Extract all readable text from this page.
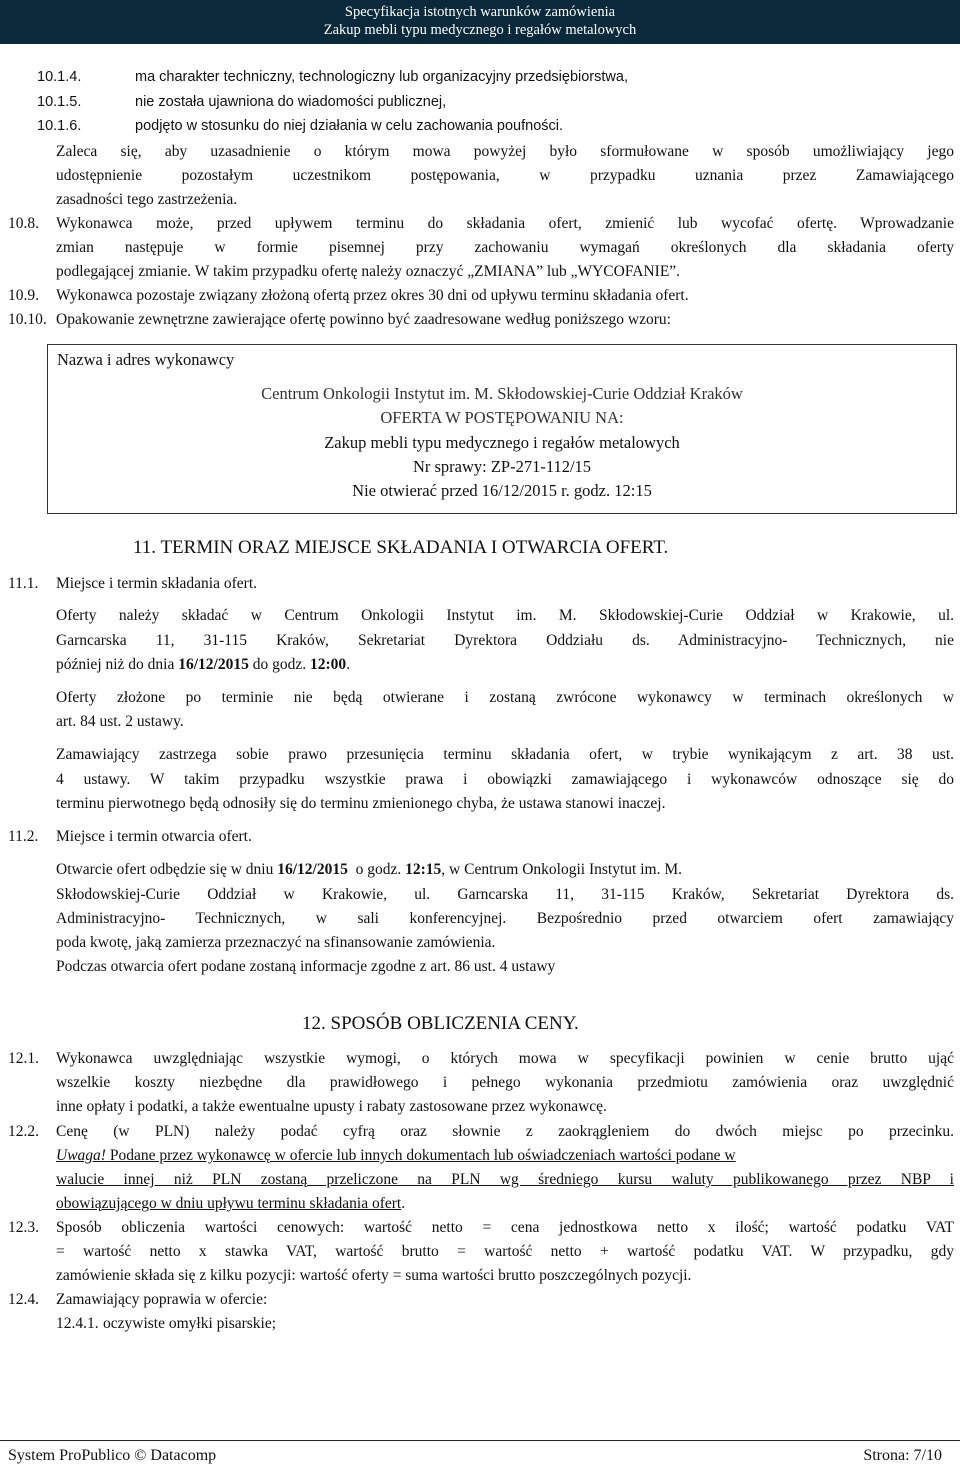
Specyfikacja istotnych warunków zamówienia
Zakup mebli typu medycznego i regałów metalowych
10.1.4.	ma charakter techniczny, technologiczny lub organizacyjny przedsiębiorstwa,
10.1.5.	nie została ujawniona do wiadomości publicznej,
10.1.6.	podjęto w stosunku do niej działania w celu zachowania poufności.
Zaleca się, aby uzasadnienie o którym mowa powyżej było sformułowane w sposób umożliwiający jego
udostępnienie pozostałym uczestnikom postępowania, w przypadku uznania przez Zamawiającego
zasadności tego zastrzeżenia.
10.8. Wykonawca może, przed upływem terminu do składania ofert, zmienić lub wycofać ofertę. Wprowadzanie
zmian następuje w formie pisemnej przy zachowaniu wymagań określonych dla składania oferty
podlegającej zmianie. W takim przypadku ofertę należy oznaczyć „ZMIANA” lub „WYCOFANIE”.
10.9. Wykonawca pozostaje związany złożoną ofertą przez okres 30 dni od upływu terminu składania ofert.
10.10. Opakowanie zewnętrzne zawierające ofertę powinno być zaadresowane według poniższego wzoru:
Nazwa i adres wykonawcy
Centrum Onkologii Instytut im. M. Skłodowskiej-Curie Oddział Kraków
OFERTA W POSTĘPOWANIU NA:
Zakup mebli typu medycznego i regałów metalowych
Nr sprawy: ZP-271-112/15
Nie otwierać przed 16/12/2015 r. godz. 12:15
11. TERMIN ORAZ MIEJSCE SKŁADANIA I OTWARCIA OFERT.
11.1. Miejsce i termin składania ofert.
Oferty należy składać w Centrum Onkologii Instytut im. M. Skłodowskiej-Curie Oddział w Krakowie, ul.
Garncarska 11, 31-115 Kraków, Sekretariat Dyrektora Oddziału ds. Administracyjno- Technicznych, nie
później niż do dnia 16/12/2015 do godz. 12:00.
Oferty złożone po terminie nie będą otwierane i zostaną zwrócone wykonawcy w terminach określonych w
art. 84 ust. 2 ustawy.
Zamawiający zastrzega sobie prawo przesunięcia terminu składania ofert, w trybie wynikającym z art. 38 ust.
4 ustawy. W takim przypadku wszystkie prawa i obowiązki zamawiającego i wykonawców odnoszące się do
terminu pierwotnego będą odnosiły się do terminu zmienionego chyba, że ustawa stanowi inaczej.
11.2. Miejsce i termin otwarcia ofert.
Otwarcie ofert odbędzie się w dniu 16/12/2015  o godz. 12:15, w Centrum Onkologii Instytut im. M.
Skłodowskiej-Curie Oddział w Krakowie, ul. Garncarska 11, 31-115 Kraków, Sekretariat Dyrektora ds.
Administracyjno- Technicznych, w sali konferencyjnej. Bezpośrednio przed otwarciem ofert zamawiający
poda kwotę, jaką zamierza przeznaczyć na sfinansowanie zamówienia.
Podczas otwarcia ofert podane zostaną informacje zgodne z art. 86 ust. 4 ustawy
12. SPOSÓB OBLICZENIA CENY.
12.1. Wykonawca uwzględniając wszystkie wymogi, o których mowa w specyfikacji powinien w cenie brutto ująć
wszelkie koszty niezbędne dla prawidłowego i pełnego wykonania przedmiotu zamówienia oraz uwzględnić
inne opłaty i podatki, a także ewentualne upusty i rabaty zastosowane przez wykonawcę.
12.2. Cenę (w PLN) należy podać cyfrą oraz słownie z zaokrągleniem do dwóch miejsc po przecinku.
Uwaga! Podane przez wykonawcę w ofercie lub innych dokumentach lub oświadczeniach wartości podane w
walucie innej niż PLN zostaną przeliczone na PLN wg średniego kursu waluty publikowanego przez NBP i
obowiązującego w dniu upływu terminu składania ofert.
12.3. Sposób obliczenia wartości cenowych: wartość netto = cena jednostkowa netto x ilość; wartość podatku VAT
= wartość netto x stawka VAT, wartość brutto = wartość netto + wartość podatku VAT. W przypadku, gdy
zamówienie składa się z kilku pozycji: wartość oferty = suma wartości brutto poszczególnych pozycji.
12.4. Zamawiający poprawia w ofercie:
12.4.1. oczywiste omyłki pisarskie;
System ProPublico © Datacomp	Strona: 7/10
